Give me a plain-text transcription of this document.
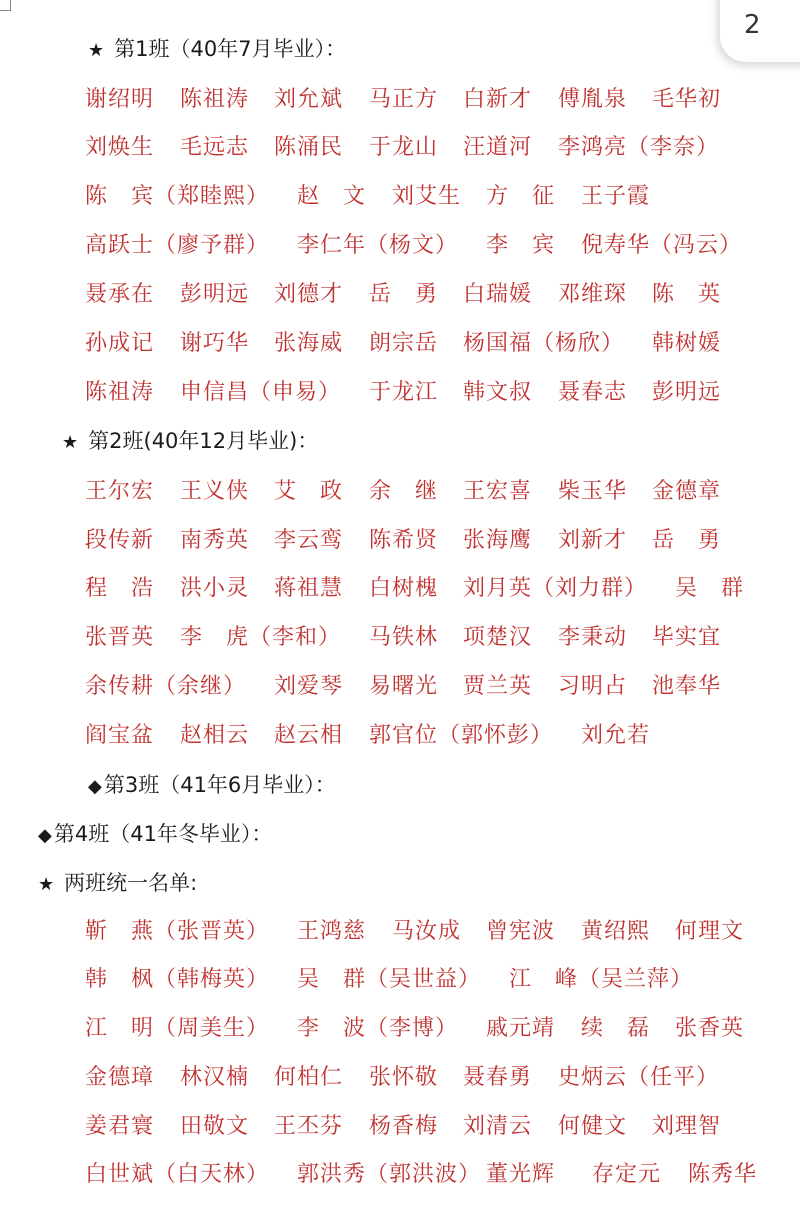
2
★ 第1班（40年7月毕业）：
谢绍明 陈祖涛 刘允斌 马正方 白新才 傅胤泉 毛华初
刘焕生 毛远志 陈涌民 于龙山 汪道河 李鸿亮（李奈）
陈　宾（郑睦熙） 赵　文 刘艾生 方　征 王子霞
高跃士（廖予群） 李仁年（杨文） 李　宾 倪寿华（冯云）
聂承在 彭明远 刘德才 岳　勇 白瑞媛 邓维琛 陈　英
孙成记 谢巧华 张海威 朗宗岳 杨国福（杨欣） 韩树媛
陈祖涛 申信昌（申易） 于龙江 韩文叔 聂春志 彭明远
★ 第2班(40年12月毕业)：
王尔宏 王义侠 艾　政 余　继 王宏喜 柴玉华 金德章
段传新 南秀英 李云鸾 陈希贤 张海鹰 刘新才 岳　勇
程　浩 洪小灵 蒋祖慧 白树槐 刘月英（刘力群） 吴　群
张晋英 李　虎（李和） 马铁林 项楚汉 李秉动 毕实宜
余传耕（余继） 刘爱琴 易曙光 贾兰英 习明占 池奉华
阎宝盆 赵相云 赵云相 郭官位（郭怀彭） 刘允若
◆第3班（41年6月毕业）：
◆第4班（41年冬毕业）：
★ 两班统一名单:
靳　燕（张晋英） 王鸿慈 马汝成 曾宪波 黄绍熙 何理文
韩　枫（韩梅英） 吴　群（吴世益） 江　峰（吴兰萍）
江　明（周美生） 李　波（李博） 戚元靖 续　磊 张香英
金德璋 林汉楠 何柏仁 张怀敬 聂春勇 史炳云（任平）
姜君寰 田敬文 王丕芬 杨香梅 刘清云 何健文 刘理智
白世斌（白天林） 郭洪秀（郭洪波） 董光辉 存定元 陈秀华
